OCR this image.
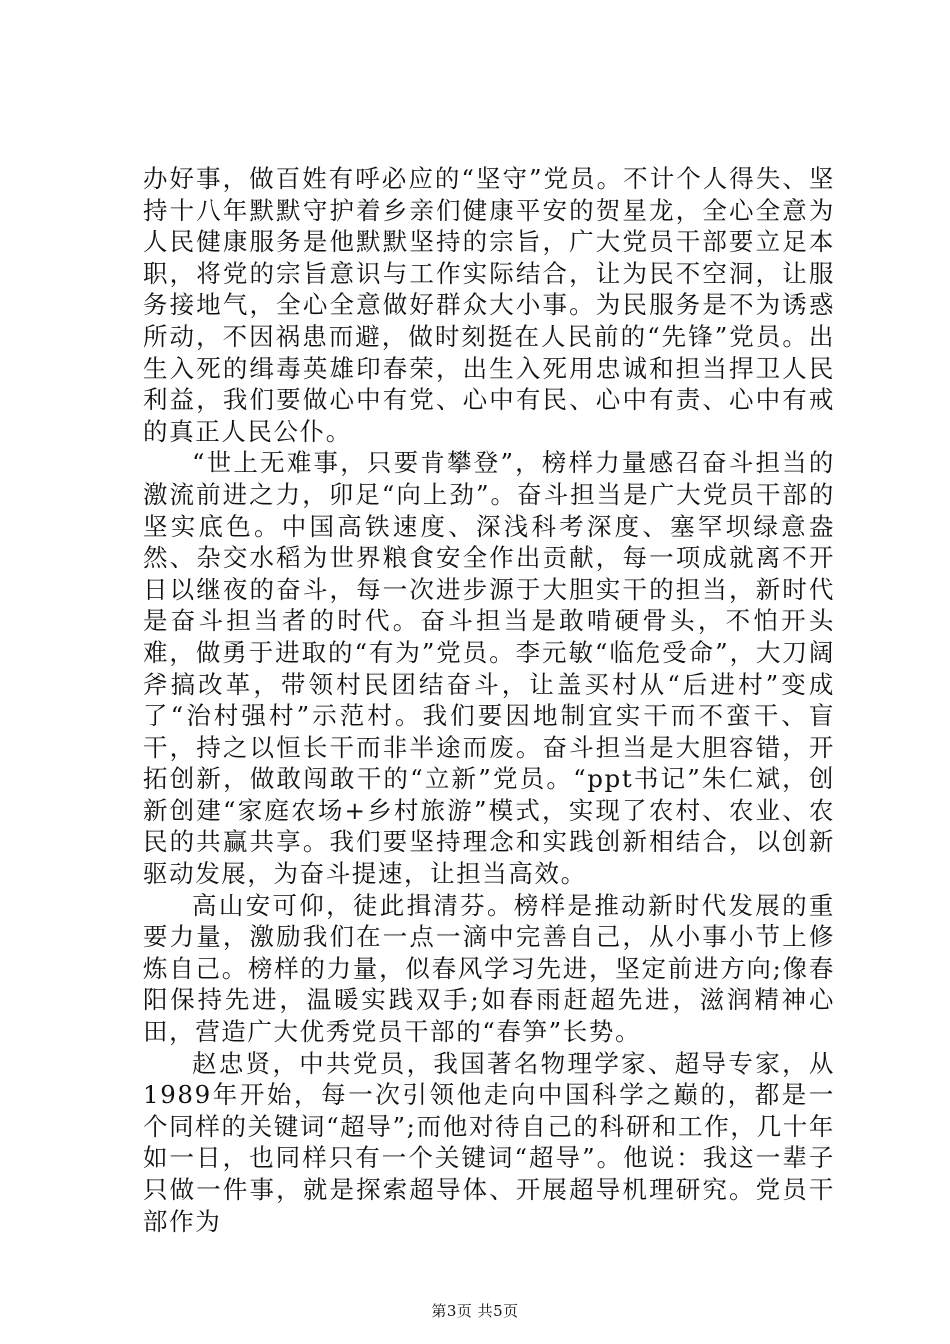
办好事，做百姓有呼必应的“坚守”党员。不计个人得失、坚持十八年默默守护着乡亲们健康平安的贺星龙，全心全意为人民健康服务是他默默坚持的宗旨，广大党员干部要立足本职，将党的宗旨意识与工作实际结合，让为民不空洞，让服务接地气，全心全意做好群众大小事。为民服务是不为诱惑所动，不因祸患而避，做时刻挺在人民前的“先锋”党员。出生入死的缉毒英雄印春荣，出生入死用忠诚和担当捍卫人民利益，我们要做心中有党、心中有民、心中有责、心中有戒的真正人民公仆。

“世上无难事，只要肯攀登”，榜样力量感召奋斗担当的激流前进之力，卯足“向上劲”。奋斗担当是广大党员干部的坚实底色。中国高铁速度、深浅科考深度、塞罕坝绿意盎然、杂交水稻为世界粮食安全作出贡献，每一项成就离不开日以继夜的奋斗，每一次进步源于大胆实干的担当，新时代是奋斗担当者的时代。奋斗担当是敢啃硬骨头，不怕开头难，做勇于进取的“有为”党员。李元敏“临危受命”，大刀阔斧搞改革，带领村民团结奋斗，让盖买村从“后进村”变成了“治村强村”示范村。我们要因地制宜实干而不蛮干、盲干，持之以恒长干而非半途而废。奋斗担当是大胆容错，开拓创新，做敢闯敢干的“立新”党员。“ppt书记”朱仁斌，创新创建“家庭农场+乡村旅游”模式，实现了农村、农业、农民的共赢共享。我们要坚持理念和实践创新相结合，以创新驱动发展，为奋斗提速，让担当高效。

高山安可仰，徒此揖清芬。榜样是推动新时代发展的重要力量，激励我们在一点一滴中完善自己，从小事小节上修炼自己。榜样的力量，似春风学习先进，坚定前进方向;像春阳保持先进，温暖实践双手;如春雨赶超先进，滋润精神心田，营造广大优秀党员干部的“春笋”长势。

赵忠贤，中共党员，我国著名物理学家、超导专家，从1989年开始，每一次引领他走向中国科学之巅的，都是一个同样的关键词“超导”;而他对待自己的科研和工作，几十年如一日，也同样只有一个关键词“超导”。他说：我这一辈子只做一件事，就是探索超导体、开展超导机理研究。党员干部作为

第3页 共5页
